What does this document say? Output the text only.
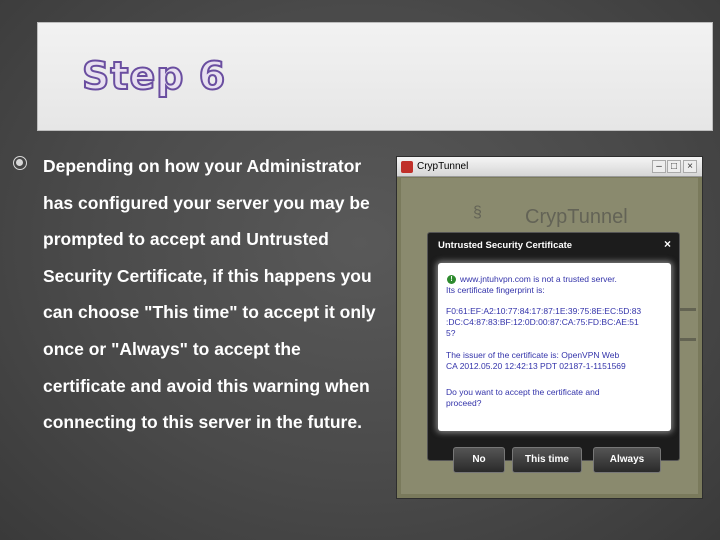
Step 6
Depending on how your Administrator has configured your server you may be prompted to accept and Untrusted Security Certificate, if this happens you can choose "This time" to accept it only once or "Always" to accept the certificate and avoid this warning when connecting to this server in the future.
CrypTunnel	– □	×
§ CrypTunnel
Untrusted Security Certificate	×
! www.jntuhvpn.com is not a trusted server.
Its certificate fingerprint is:
F0:61:EF:A2:10:77:84:17:87:1E:39:75:8E:EC:5D:83
:DC:C4:87:83:BF:12:0D:00:87:CA:75:FD:BC:AE:51
5?
The issuer of the certificate is: OpenVPN Web
CA 2012.05.20 12:42:13 PDT 02187-1-1151569
Do you want to accept the certificate and
proceed?
No	This time	Always
